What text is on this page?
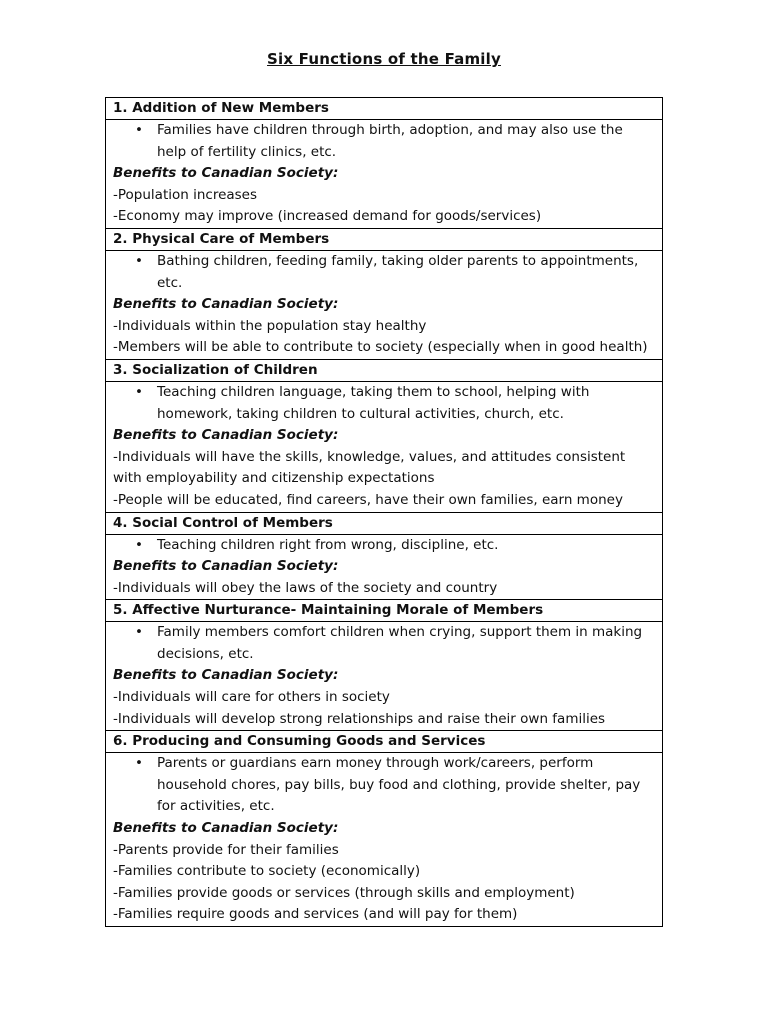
Six Functions of the Family
1. Addition of New Members

• Families have children through birth, adoption, and may also use the help of fertility clinics, etc.
Benefits to Canadian Society:
-Population increases
-Economy may improve (increased demand for goods/services)

2. Physical Care of Members

• Bathing children, feeding family, taking older parents to appointments, etc.
Benefits to Canadian Society:
-Individuals within the population stay healthy
-Members will be able to contribute to society (especially when in good health)

3. Socialization of Children

• Teaching children language, taking them to school, helping with homework, taking children to cultural activities, church, etc.
Benefits to Canadian Society:
-Individuals will have the skills, knowledge, values, and attitudes consistent with employability and citizenship expectations
-People will be educated, find careers, have their own families, earn money

4. Social Control of Members

• Teaching children right from wrong, discipline, etc.
Benefits to Canadian Society:
-Individuals will obey the laws of the society and country

5. Affective Nurturance- Maintaining Morale of Members

• Family members comfort children when crying, support them in making decisions, etc.
Benefits to Canadian Society:
-Individuals will care for others in society
-Individuals will develop strong relationships and raise their own families

6. Producing and Consuming Goods and Services

• Parents or guardians earn money through work/careers, perform household chores, pay bills, buy food and clothing, provide shelter, pay for activities, etc.
Benefits to Canadian Society:
-Parents provide for their families
-Families contribute to society (economically)
-Families provide goods or services (through skills and employment)
-Families require goods and services (and will pay for them)
